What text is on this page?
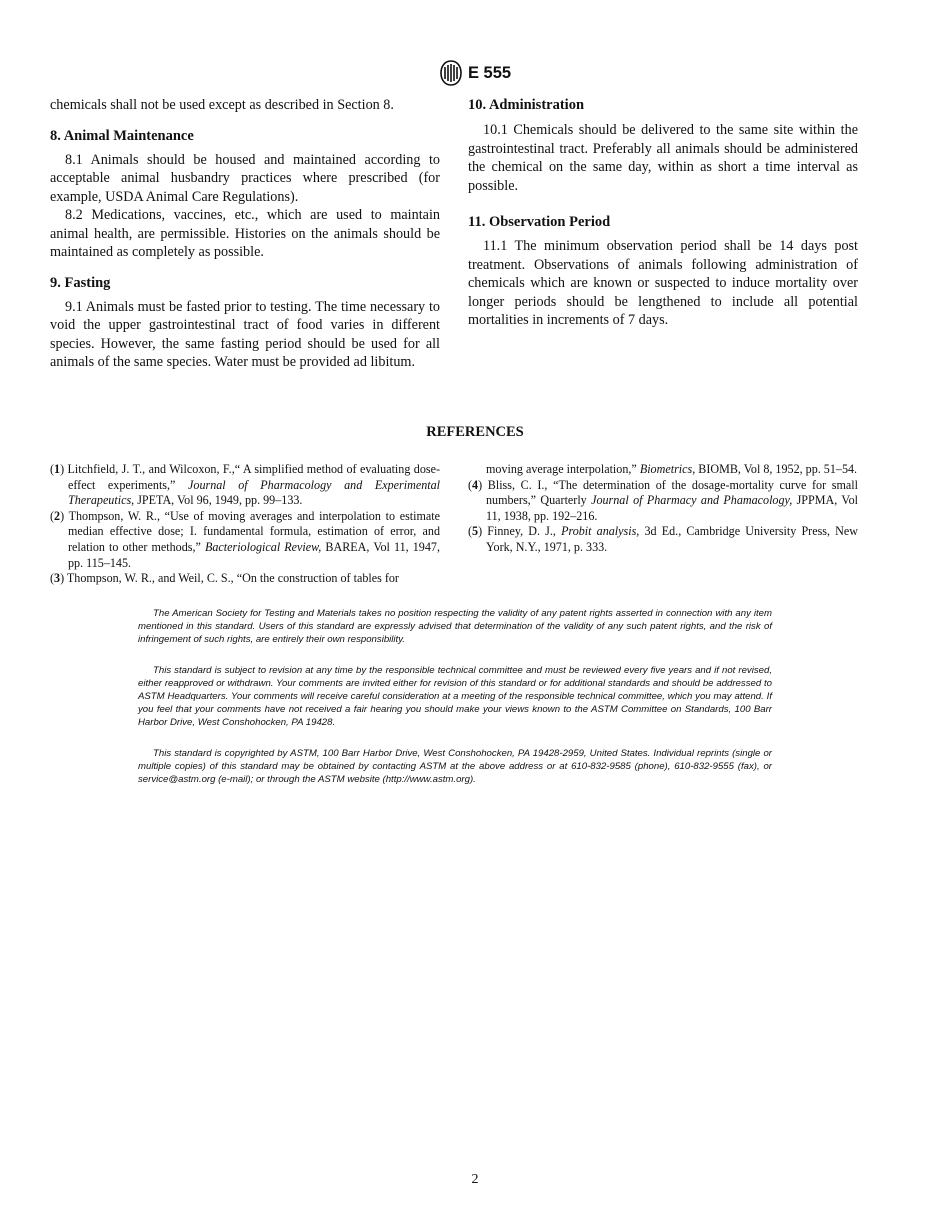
E 555

chemicals shall not be used except as described in Section 8.

8. Animal Maintenance

8.1 Animals should be housed and maintained according to acceptable animal husbandry practices where prescribed (for example, USDA Animal Care Regulations).

8.2 Medications, vaccines, etc., which are used to maintain animal health, are permissible. Histories on the animals should be maintained as completely as possible.

9. Fasting

9.1 Animals must be fasted prior to testing. The time necessary to void the upper gastrointestinal tract of food varies in different species. However, the same fasting period should be used for all animals of the same species. Water must be provided ad libitum.

10. Administration

10.1 Chemicals should be delivered to the same site within the gastrointestinal tract. Preferably all animals should be administered the chemical on the same day, within as short a time interval as possible.

11. Observation Period

11.1 The minimum observation period shall be 14 days post treatment. Observations of animals following administration of chemicals which are known or suspected to induce mortality over longer periods should be lengthened to include all potential mortalities in increments of 7 days.

REFERENCES

(1) Litchfield, J. T., and Wilcoxon, F.,“ A simplified method of evaluating dose-effect experiments,” Journal of Pharmacology and Experimental Therapeutics, JPETA, Vol 96, 1949, pp. 99–133.

(2) Thompson, W. R., “Use of moving averages and interpolation to estimate median effective dose; I. fundamental formula, estimation of error, and relation to other methods,” Bacteriological Review, BAREA, Vol 11, 1947, pp. 115–145.

(3) Thompson, W. R., and Weil, C. S., “On the construction of tables for

moving average interpolation,” Biometrics, BIOMB, Vol 8, 1952, pp. 51–54.

(4) Bliss, C. I., “The determination of the dosage-mortality curve for small numbers,” Quarterly Journal of Pharmacy and Phamacology, JPPMA, Vol 11, 1938, pp. 192–216.

(5) Finney, D. J., Probit analysis, 3d Ed., Cambridge University Press, New York, N.Y., 1971, p. 333.

The American Society for Testing and Materials takes no position respecting the validity of any patent rights asserted in connection with any item mentioned in this standard. Users of this standard are expressly advised that determination of the validity of any such patent rights, and the risk of infringement of such rights, are entirely their own responsibility.

This standard is subject to revision at any time by the responsible technical committee and must be reviewed every five years and if not revised, either reapproved or withdrawn. Your comments are invited either for revision of this standard or for additional standards and should be addressed to ASTM Headquarters. Your comments will receive careful consideration at a meeting of the responsible technical committee, which you may attend. If you feel that your comments have not received a fair hearing you should make your views known to the ASTM Committee on Standards, 100 Barr Harbor Drive, West Conshohocken, PA 19428.

This standard is copyrighted by ASTM, 100 Barr Harbor Drive, West Conshohocken, PA 19428-2959, United States. Individual reprints (single or multiple copies) of this standard may be obtained by contacting ASTM at the above address or at 610-832-9585 (phone), 610-832-9555 (fax), or service@astm.org (e-mail); or through the ASTM website (http://www.astm.org).

2
